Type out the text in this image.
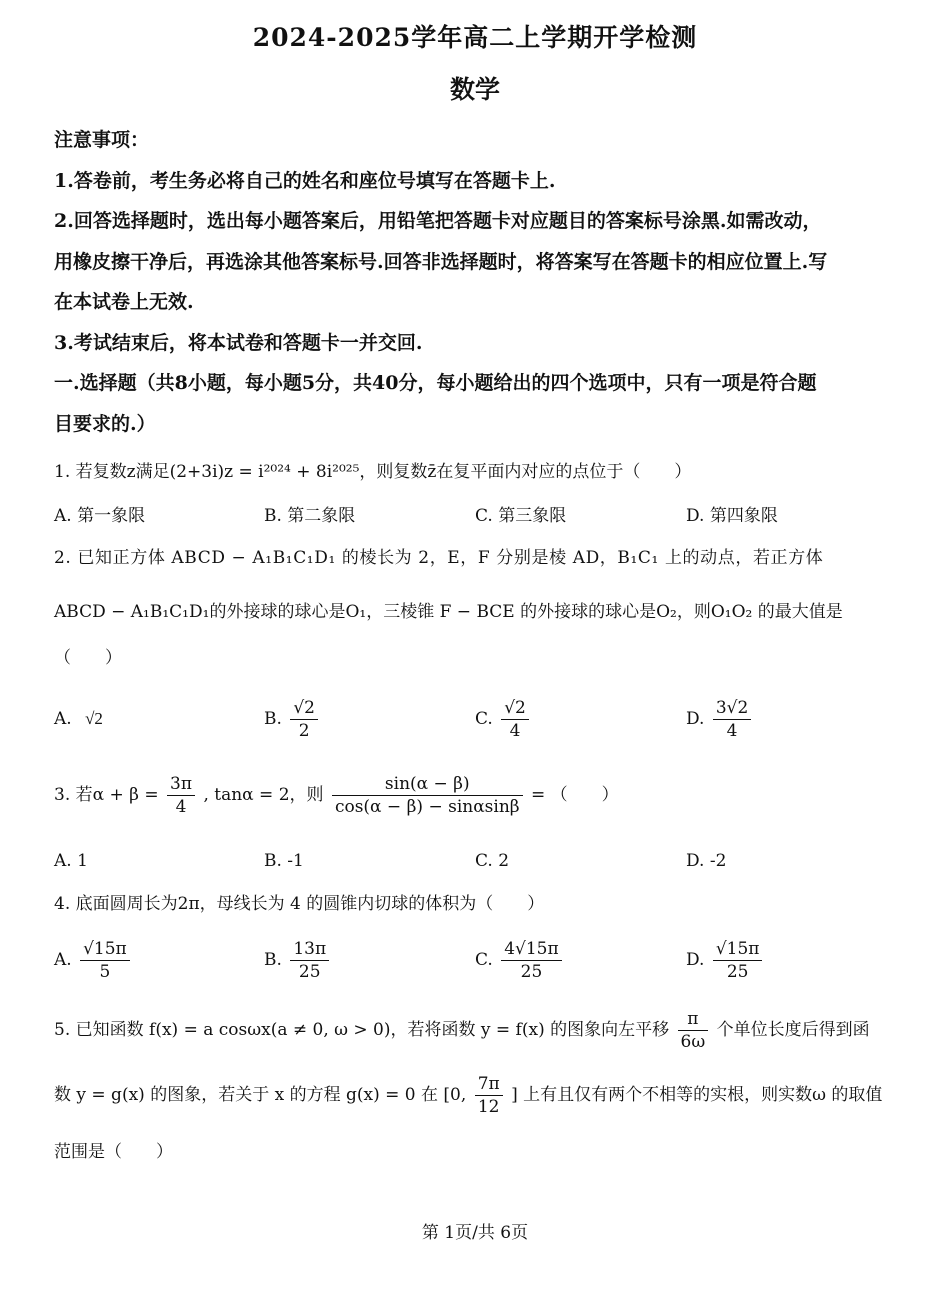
2024-2025学年高二上学期开学检测
数学
注意事项：
1.答卷前，考生务必将自己的姓名和座位号填写在答题卡上.
2.回答选择题时，选出每小题答案后，用铅笔把答题卡对应题目的答案标号涂黑.如需改动，
用橡皮擦干净后，再选涂其他答案标号.回答非选择题时，将答案写在答题卡的相应位置上.写
在本试卷上无效.
3.考试结束后，将本试卷和答题卡一并交回.
一.选择题（共8小题，每小题5分，共40分，每小题给出的四个选项中，只有一项是符合题
目要求的.）
1. 若复数z满足(2+3i)z = i²⁰²⁴ + 8i²⁰²⁵，则复数z̄在复平面内对应的点位于（　　）
A. 第一象限	B. 第二象限	C. 第三象限	D. 第四象限
2. 已知正方体 ABCD − A₁B₁C₁D₁ 的棱长为 2，E，F 分别是棱 AD，B₁C₁ 上的动点，若正方体
ABCD − A₁B₁C₁D₁的外接球的球心是O₁，三棱锥 F − BCE 的外接球的球心是O₂，则O₁O₂ 的最大值是
（　　）
A. √2	B. $\frac{√2}{2}$	C. $\frac{√2}{4}$	D. $\frac{3√2}{4}$
3. 若$\alpha + \beta = \frac{3\pi}{4}$ , tanα = 2，则 $\frac{\sin(\alpha - \beta)}{\cos(\alpha - \beta) - \sin\alpha\sin\beta}$ = （　　）
A. 1	B. -1	C. 2	D. -2
4. 底面圆周长为2π，母线长为 4 的圆锥内切球的体积为（　　）
A. $\frac{√15\pi}{5}$	B. $\frac{13\pi}{25}$	C. $\frac{4√15\pi}{25}$	D. $\frac{√15\pi}{25}$
5. 已知函数 f(x) = a cosωx(a ≠ 0, ω > 0)，若将函数 y = f(x) 的图象向左平移 $\frac{\pi}{6\omega}$ 个单位长度后得到函
数 y = g(x) 的图象，若关于 x 的方程 g(x) = 0 在 [0, $\frac{7\pi}{12}$ ] 上有且仅有两个不相等的实根，则实数ω 的取值
范围是（　　）
第 1页/共 6页
